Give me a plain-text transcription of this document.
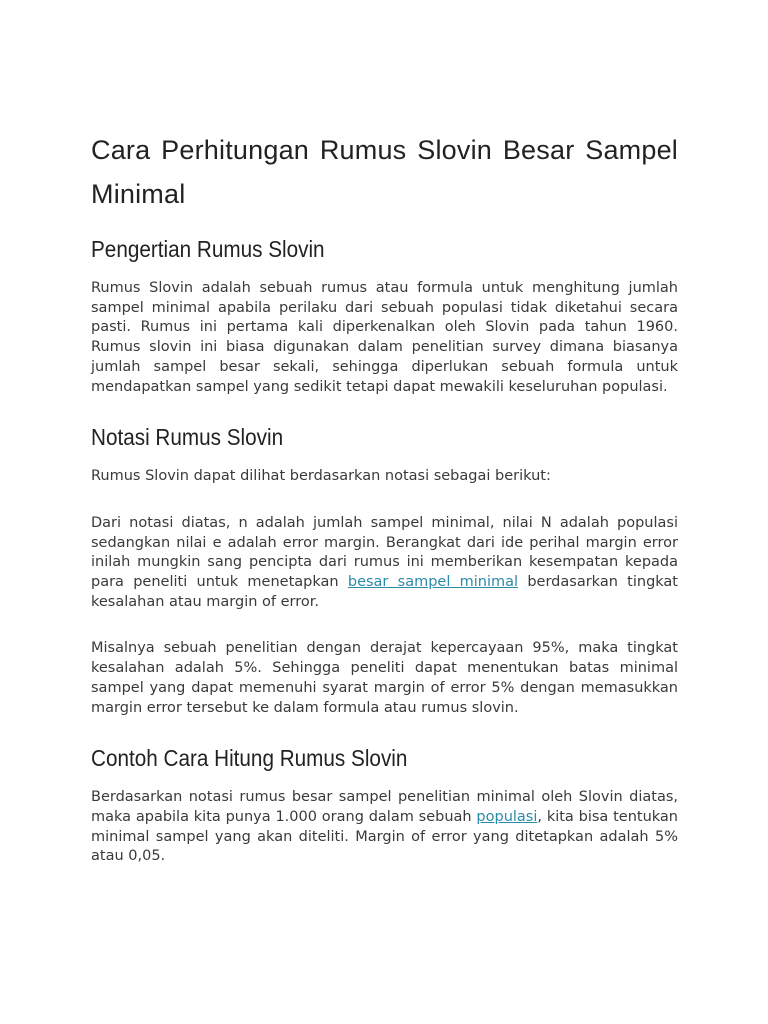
Cara Perhitungan Rumus Slovin Besar Sampel Minimal
Pengertian Rumus Slovin

Rumus Slovin adalah sebuah rumus atau formula untuk menghitung jumlah sampel minimal apabila perilaku dari sebuah populasi tidak diketahui secara pasti. Rumus ini pertama kali diperkenalkan oleh Slovin pada tahun 1960. Rumus slovin ini biasa digunakan dalam penelitian survey dimana biasanya jumlah sampel besar sekali, sehingga diperlukan sebuah formula untuk mendapatkan sampel yang sedikit tetapi dapat mewakili keseluruhan populasi.

Notasi Rumus Slovin

Rumus Slovin dapat dilihat berdasarkan notasi sebagai berikut:

Dari notasi diatas, n adalah jumlah sampel minimal, nilai N adalah populasi sedangkan nilai e adalah error margin. Berangkat dari ide perihal margin error inilah mungkin sang pencipta dari rumus ini memberikan kesempatan kepada para peneliti untuk menetapkan besar sampel minimal berdasarkan tingkat kesalahan atau margin of error.

Misalnya sebuah penelitian dengan derajat kepercayaan 95%, maka tingkat kesalahan adalah 5%. Sehingga peneliti dapat menentukan batas minimal sampel yang dapat memenuhi syarat margin of error 5% dengan memasukkan margin error tersebut ke dalam formula atau rumus slovin.

Contoh Cara Hitung Rumus Slovin

Berdasarkan notasi rumus besar sampel penelitian minimal oleh Slovin diatas, maka apabila kita punya 1.000 orang dalam sebuah populasi, kita bisa tentukan minimal sampel yang akan diteliti. Margin of error yang ditetapkan adalah 5% atau 0,05.
